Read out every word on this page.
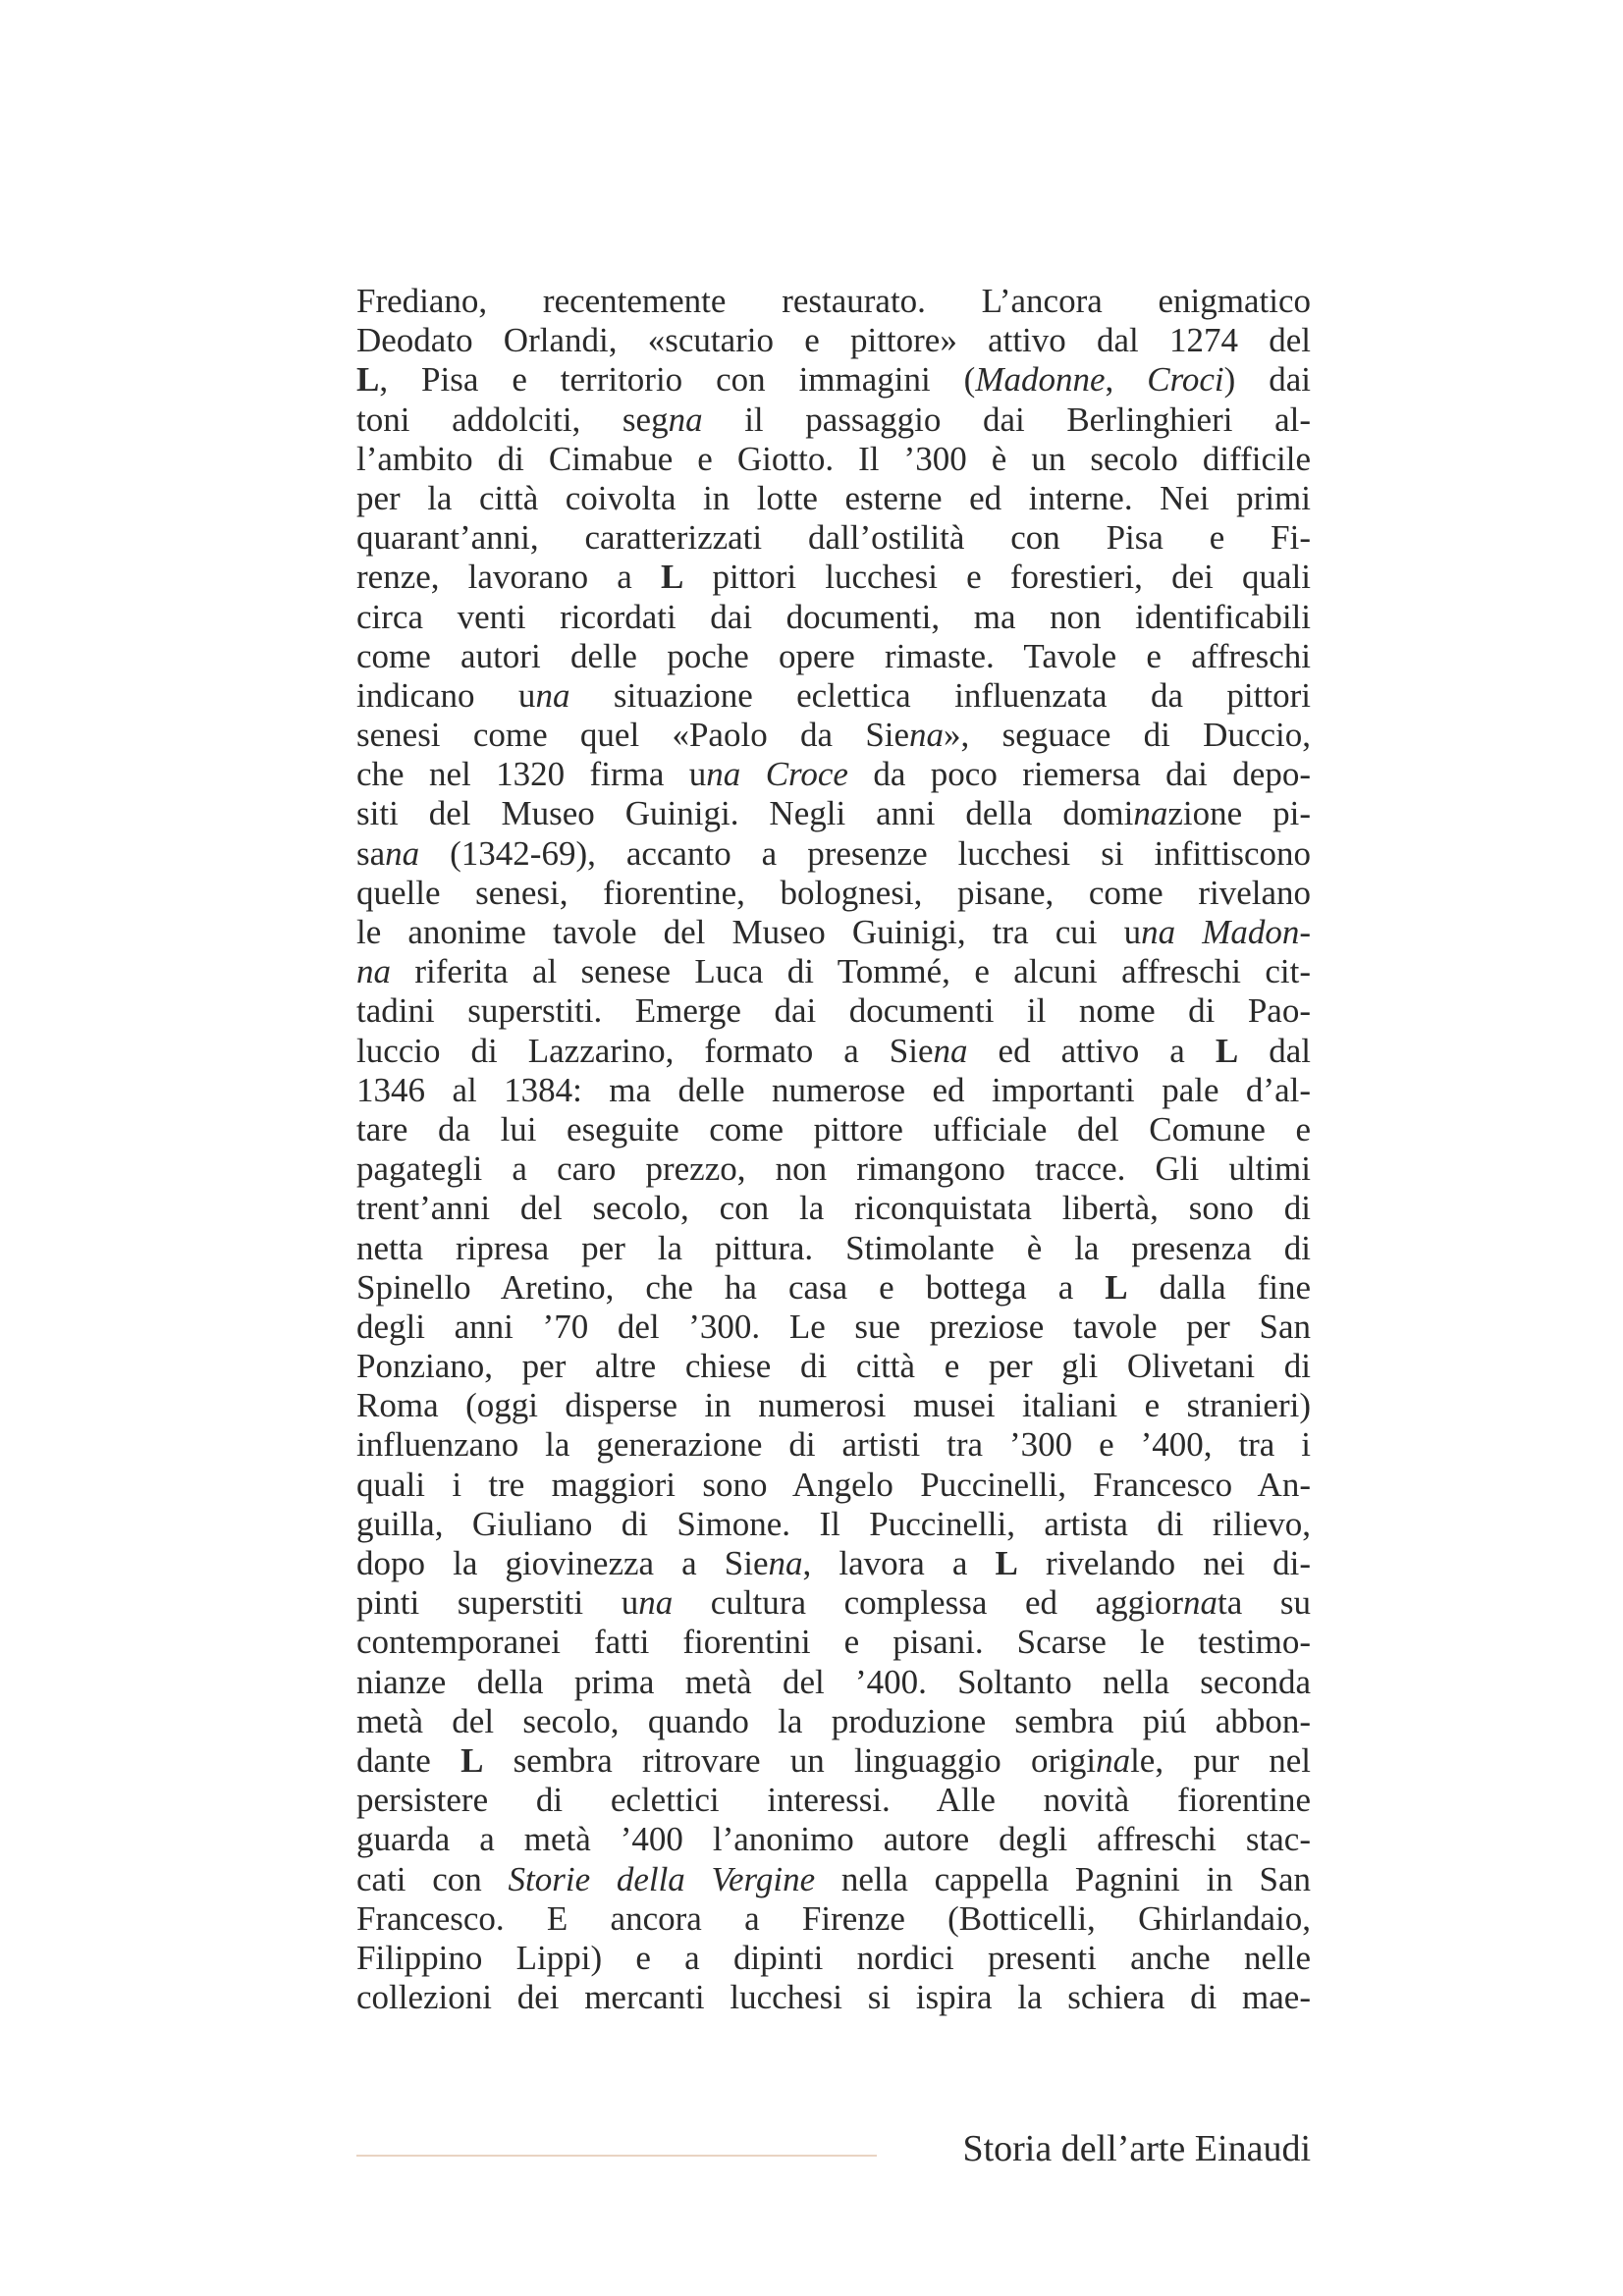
Frediano, recentemente restaurato. L’ancora enigmatico
Deodato Orlandi, «scutario e pittore» attivo dal 1274 del
L, Pisa e territorio con immagini (Madonne, Croci) dai
toni addolciti, segna il passaggio dai Berlinghieri al-
l’ambito di Cimabue e Giotto. Il ’300 è un secolo difficile
per la città coivolta in lotte esterne ed interne. Nei primi
quarant’anni, caratterizzati dall’ostilità con Pisa e Fi-
renze, lavorano a L pittori lucchesi e forestieri, dei quali
circa venti ricordati dai documenti, ma non identificabili
come autori delle poche opere rimaste. Tavole e affreschi
indicano una situazione eclettica influenzata da pittori
senesi come quel «Paolo da Siena», seguace di Duccio,
che nel 1320 firma una Croce da poco riemersa dai depo-
siti del Museo Guinigi. Negli anni della dominazione pi-
sana (1342-69), accanto a presenze lucchesi si infittiscono
quelle senesi, fiorentine, bolognesi, pisane, come rivelano
le anonime tavole del Museo Guinigi, tra cui una Madon-
na riferita al senese Luca di Tommé, e alcuni affreschi cit-
tadini superstiti. Emerge dai documenti il nome di Pao-
luccio di Lazzarino, formato a Siena ed attivo a L dal
1346 al 1384: ma delle numerose ed importanti pale d’al-
tare da lui eseguite come pittore ufficiale del Comune e
pagategli a caro prezzo, non rimangono tracce. Gli ultimi
trent’anni del secolo, con la riconquistata libertà, sono di
netta ripresa per la pittura. Stimolante è la presenza di
Spinello Aretino, che ha casa e bottega a L dalla fine
degli anni ’70 del ’300. Le sue preziose tavole per San
Ponziano, per altre chiese di città e per gli Olivetani di
Roma (oggi disperse in numerosi musei italiani e stranieri)
influenzano la generazione di artisti tra ’300 e ’400, tra i
quali i tre maggiori sono Angelo Puccinelli, Francesco An-
guilla, Giuliano di Simone. Il Puccinelli, artista di rilievo,
dopo la giovinezza a Siena, lavora a L rivelando nei di-
pinti superstiti una cultura complessa ed aggiornata su
contemporanei fatti fiorentini e pisani. Scarse le testimo-
nianze della prima metà del ’400. Soltanto nella seconda
metà del secolo, quando la produzione sembra piú abbon-
dante L sembra ritrovare un linguaggio originale, pur nel
persistere di eclettici interessi. Alle novità fiorentine
guarda a metà ’400 l’anonimo autore degli affreschi stac-
cati con Storie della Vergine nella cappella Pagnini in San
Francesco. E ancora a Firenze (Botticelli, Ghirlandaio,
Filippino Lippi) e a dipinti nordici presenti anche nelle
collezioni dei mercanti lucchesi si ispira la schiera di mae-
Storia dell’arte Einaudi
